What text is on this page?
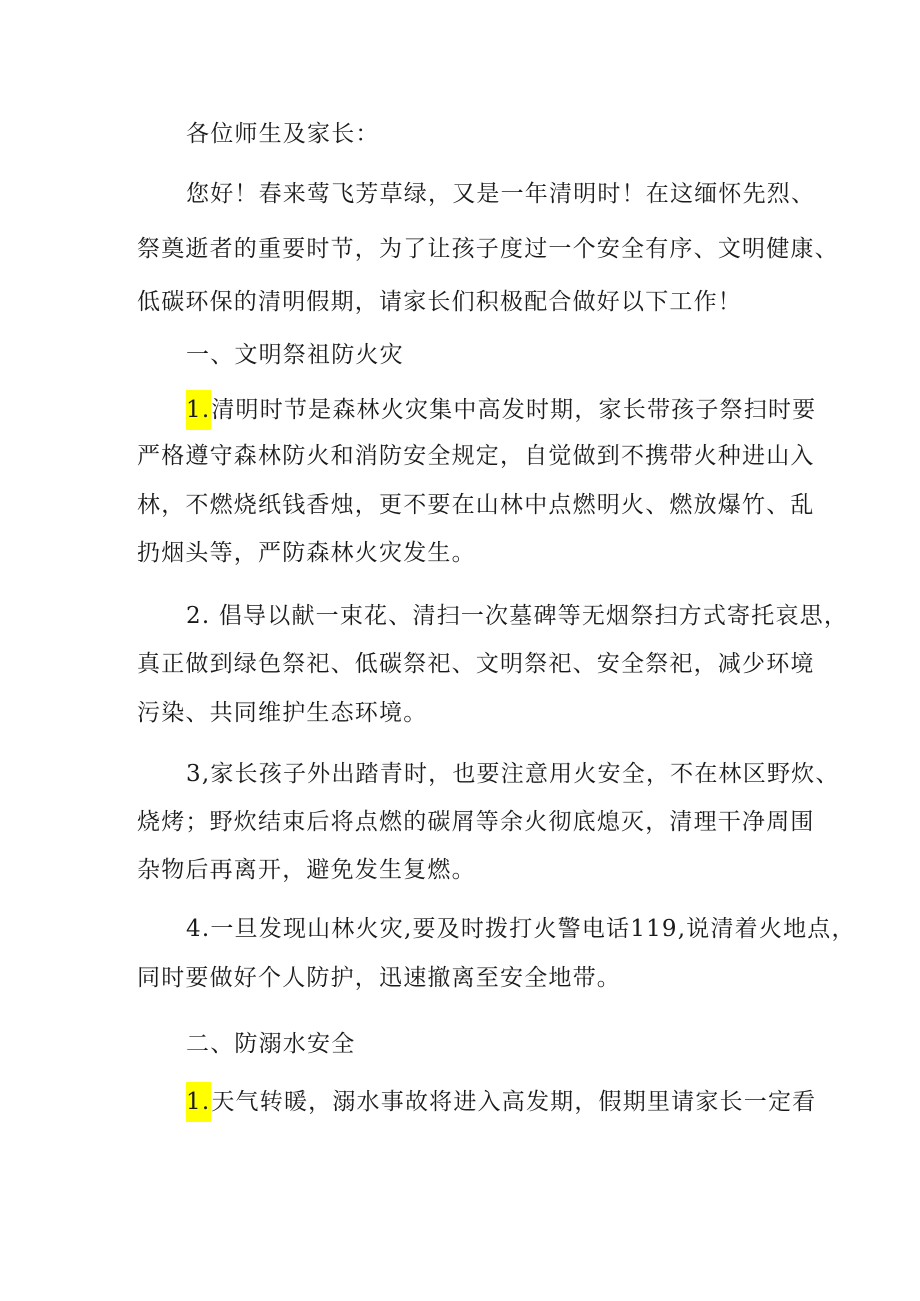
各位师生及家长：
您好！春来莺飞芳草绿，又是一年清明时！在这缅怀先烈、
祭奠逝者的重要时节，为了让孩子度过一个安全有序、文明健康、
低碳环保的清明假期，请家长们积极配合做好以下工作！
一、文明祭祖防火灾
1.清明时节是森林火灾集中高发时期，家长带孩子祭扫时要
严格遵守森林防火和消防安全规定，自觉做到不携带火种进山入
林，不燃烧纸钱香烛，更不要在山林中点燃明火、燃放爆竹、乱
扔烟头等，严防森林火灾发生。
2. 倡导以献一束花、清扫一次墓碑等无烟祭扫方式寄托哀思，
真正做到绿色祭祀、低碳祭祀、文明祭祀、安全祭祀，减少环境
污染、共同维护生态环境。
3,家长孩子外出踏青时，也要注意用火安全，不在林区野炊、
烧烤；野炊结束后将点燃的碳屑等余火彻底熄灭，清理干净周围
杂物后再离开，避免发生复燃。
4.一旦发现山林火灾,要及时拨打火警电话119,说清着火地点，
同时要做好个人防护，迅速撤离至安全地带。
二、防溺水安全
1.天气转暖，溺水事故将进入高发期，假期里请家长一定看
